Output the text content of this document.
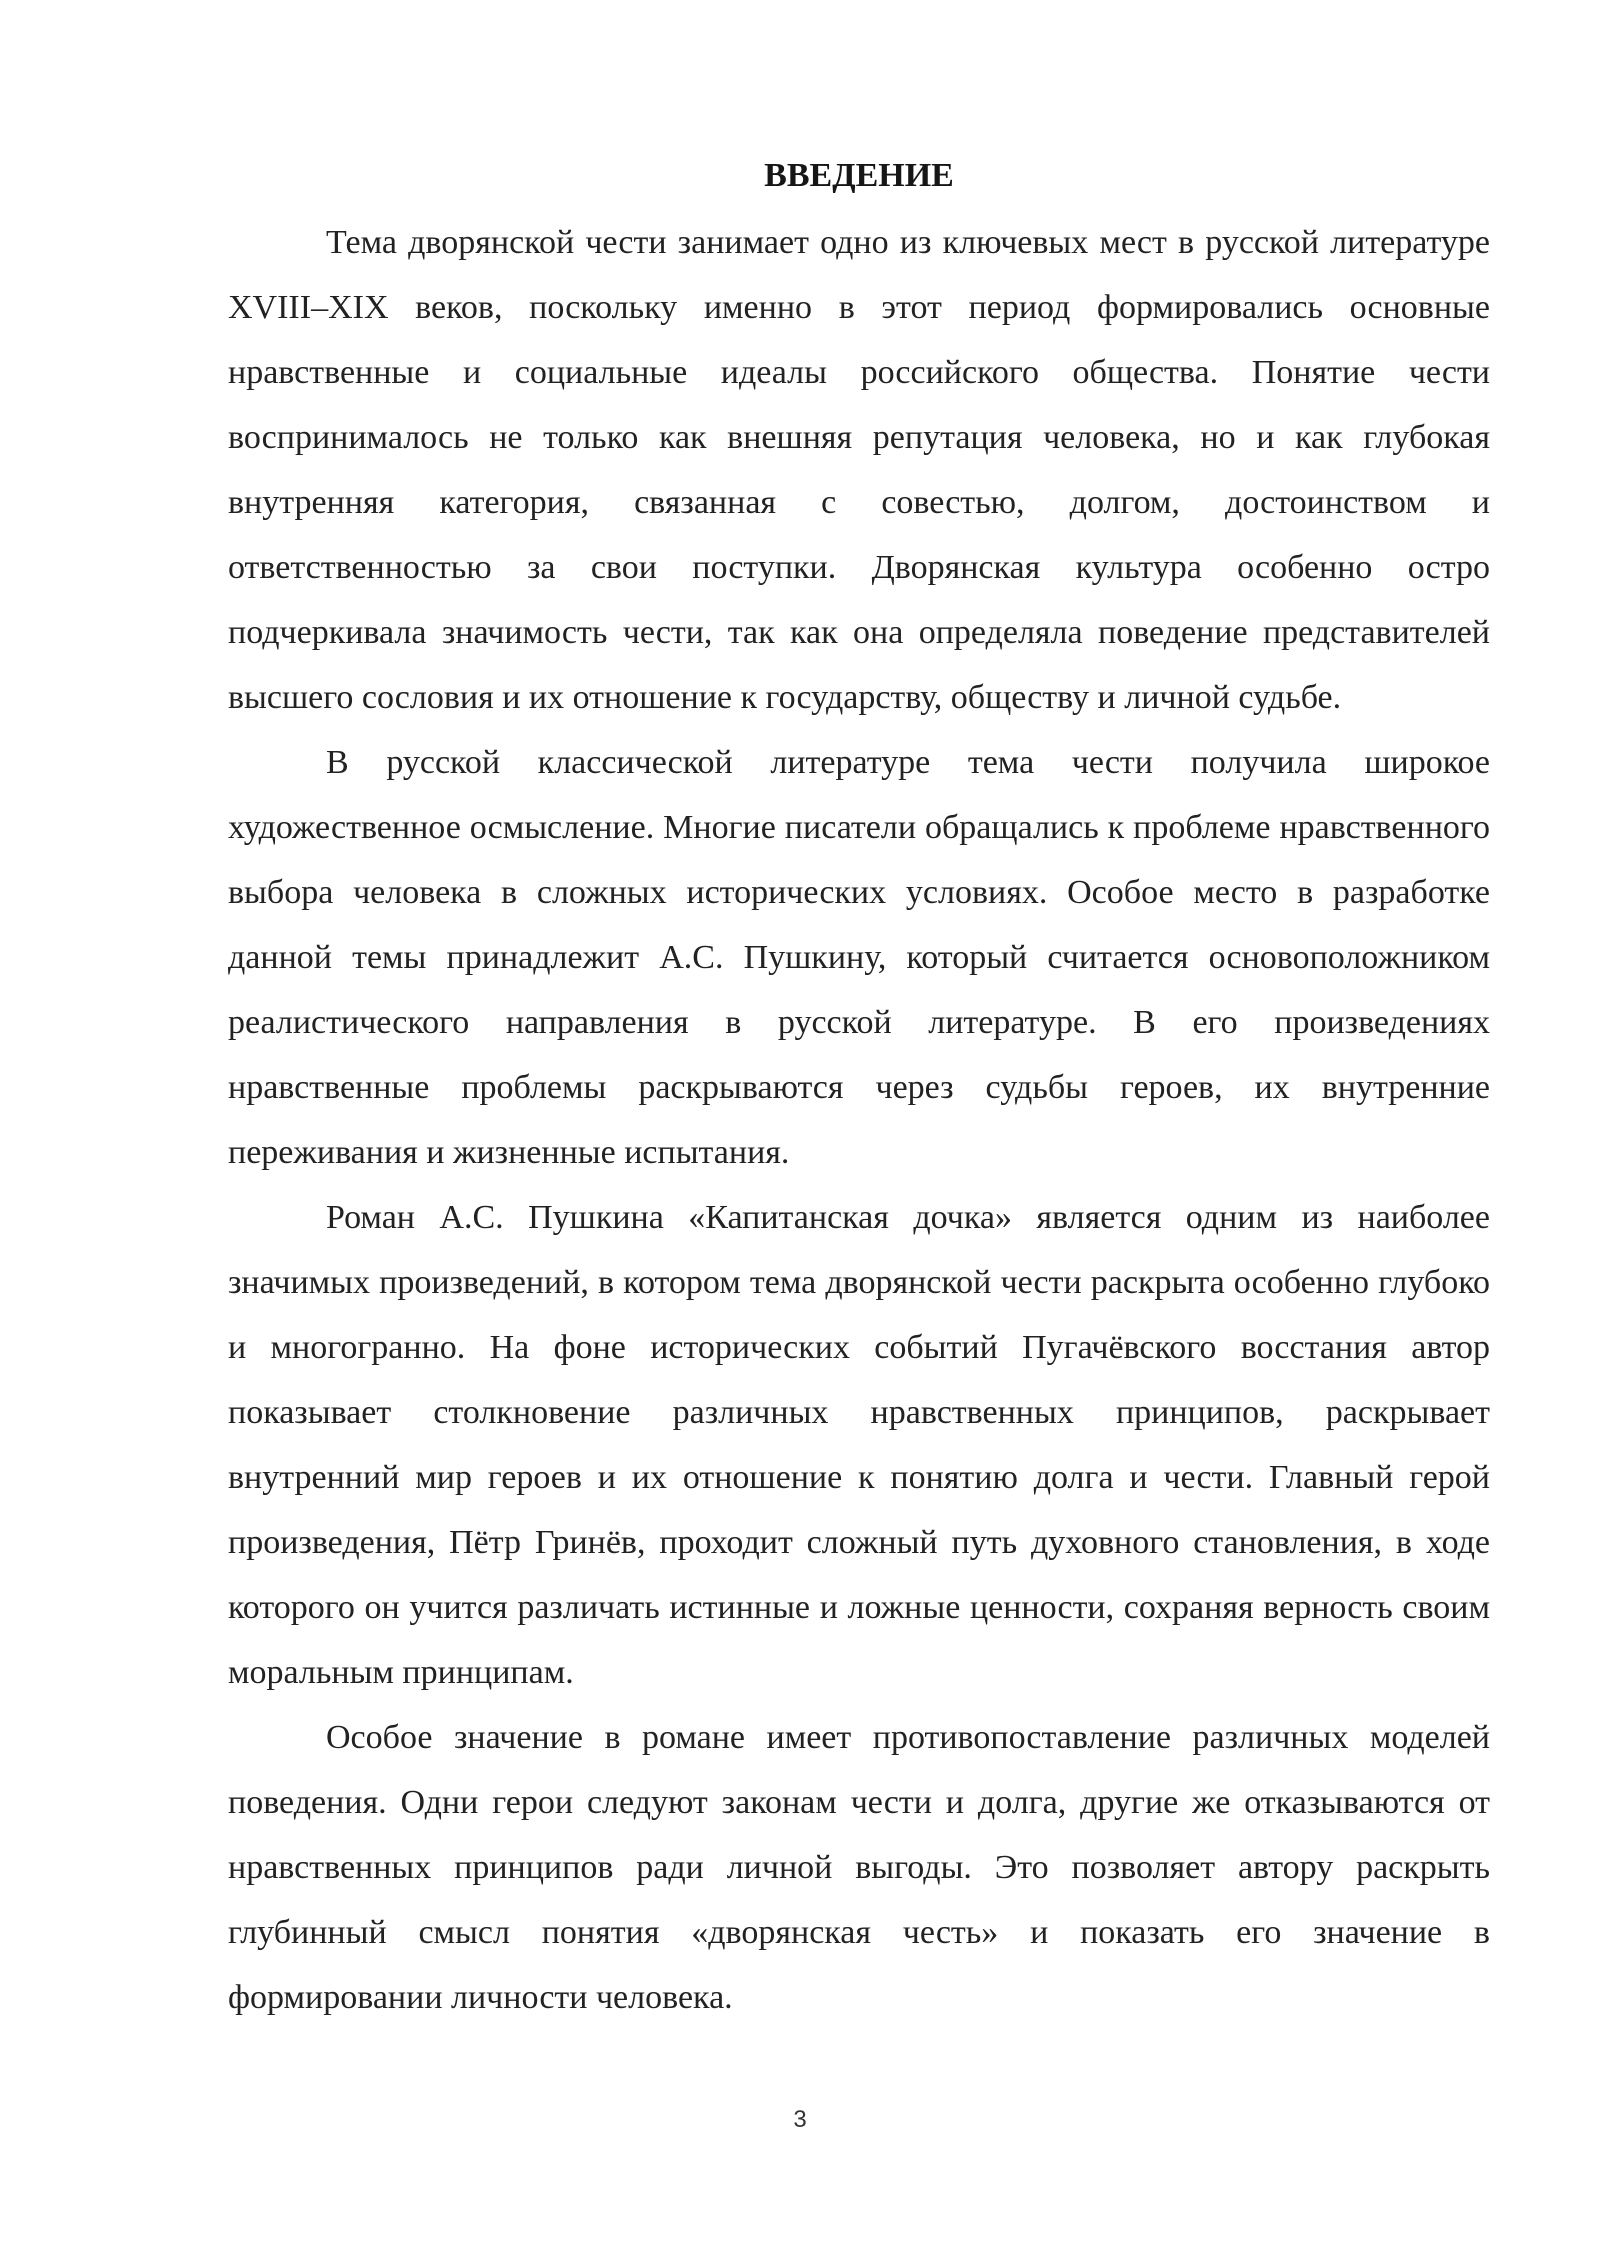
ВВЕДЕНИЕ

Тема дворянской чести занимает одно из ключевых мест в русской литературе XVIII–XIX веков, поскольку именно в этот период формировались основные нравственные и социальные идеалы российского общества. Понятие чести воспринималось не только как внешняя репутация человека, но и как глубокая внутренняя категория, связанная с совестью, долгом, достоинством и ответственностью за свои поступки. Дворянская культура особенно остро подчеркивала значимость чести, так как она определяла поведение представителей высшего сословия и их отношение к государству, обществу и личной судьбе.

В русской классической литературе тема чести получила широкое художественное осмысление. Многие писатели обращались к проблеме нравственного выбора человека в сложных исторических условиях. Особое место в разработке данной темы принадлежит А.С. Пушкину, который считается основоположником реалистического направления в русской литературе. В его произведениях нравственные проблемы раскрываются через судьбы героев, их внутренние переживания и жизненные испытания.

Роман А.С. Пушкина «Капитанская дочка» является одним из наиболее значимых произведений, в котором тема дворянской чести раскрыта особенно глубоко и многогранно. На фоне исторических событий Пугачёвского восстания автор показывает столкновение различных нравственных принципов, раскрывает внутренний мир героев и их отношение к понятию долга и чести. Главный герой произведения, Пётр Гринёв, проходит сложный путь духовного становления, в ходе которого он учится различать истинные и ложные ценности, сохраняя верность своим моральным принципам.

Особое значение в романе имеет противопоставление различных моделей поведения. Одни герои следуют законам чести и долга, другие же отказываются от нравственных принципов ради личной выгоды. Это позволяет автору раскрыть глубинный смысл понятия «дворянская честь» и показать его значение в формировании личности человека.

3
